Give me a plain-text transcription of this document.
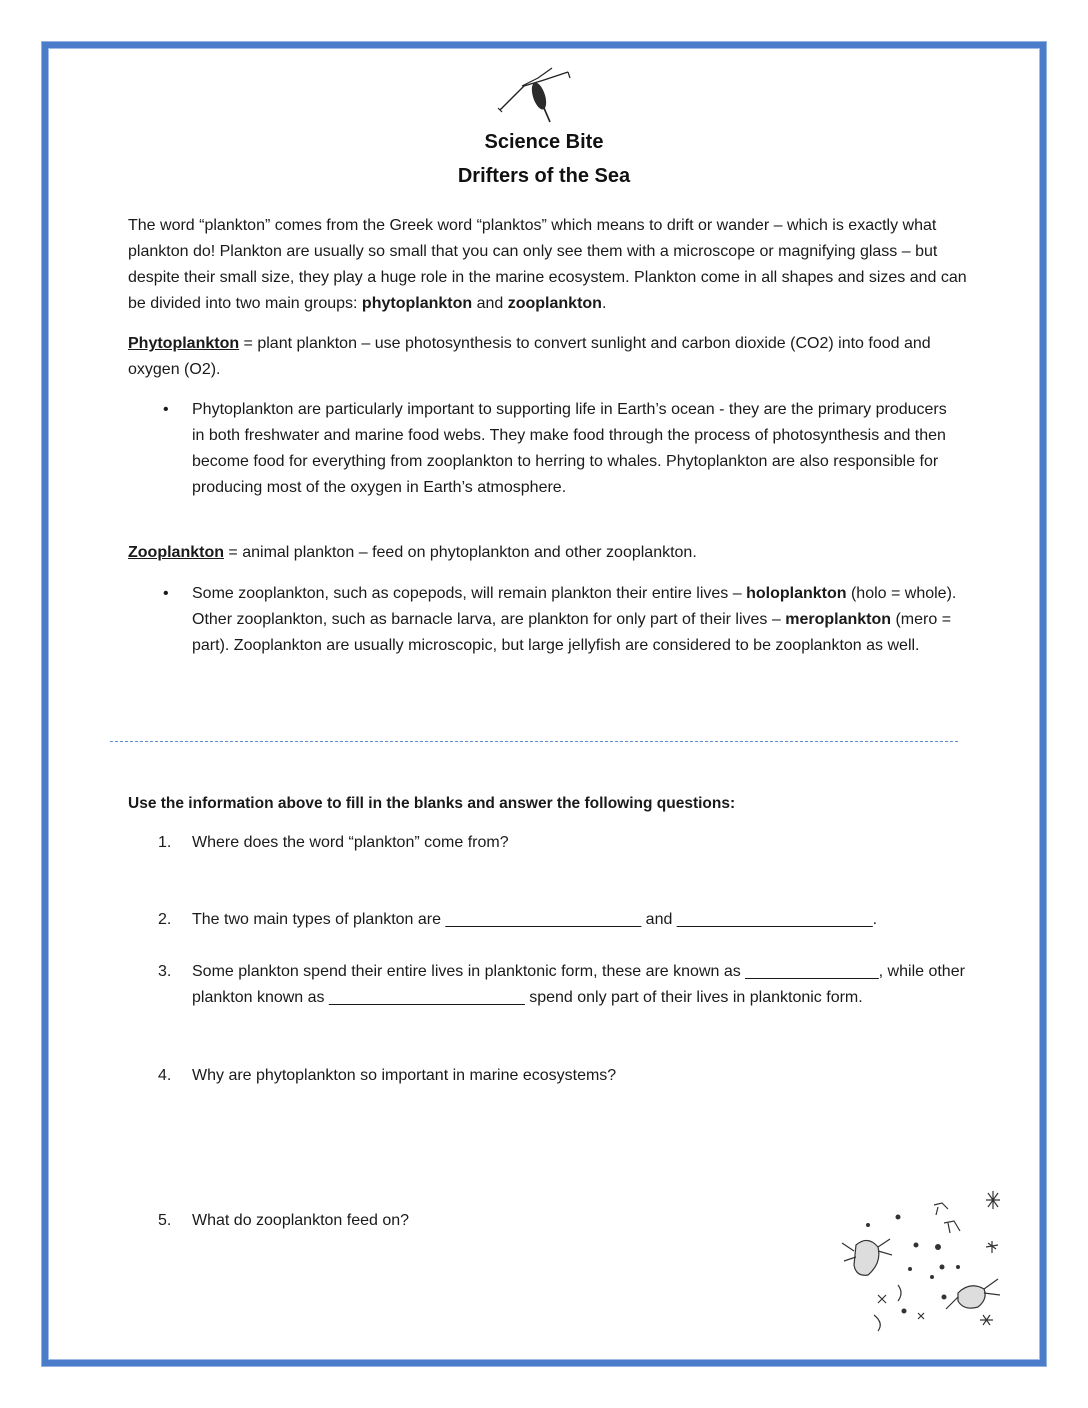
Science Bite
Drifters of the Sea

The word “plankton” comes from the Greek word “planktos” which means to drift or wander – which is exactly what plankton do! Plankton are usually so small that you can only see them with a microscope or magnifying glass – but despite their small size, they play a huge role in the marine ecosystem. Plankton come in all shapes and sizes and can be divided into two main groups: phytoplankton and zooplankton.

Phytoplankton = plant plankton – use photosynthesis to convert sunlight and carbon dioxide (CO2) into food and oxygen (O2).

• Phytoplankton are particularly important to supporting life in Earth’s ocean - they are the primary producers in both freshwater and marine food webs. They make food through the process of photosynthesis and then become food for everything from zooplankton to herring to whales. Phytoplankton are also responsible for producing most of the oxygen in Earth’s atmosphere.

Zooplankton = animal plankton – feed on phytoplankton and other zooplankton.

• Some zooplankton, such as copepods, will remain plankton their entire lives – holoplankton (holo = whole). Other zooplankton, such as barnacle larva, are plankton for only part of their lives – meroplankton (mero = part). Zooplankton are usually microscopic, but large jellyfish are considered to be zooplankton as well.

Use the information above to fill in the blanks and answer the following questions:
1. Where does the word “plankton” come from?
2. The two main types of plankton are ______________________ and ______________________.
3. Some plankton spend their entire lives in planktonic form, these are known as _______________, while other plankton known as ______________________ spend only part of their lives in planktonic form.
4. Why are phytoplankton so important in marine ecosystems?
5. What do zooplankton feed on?
